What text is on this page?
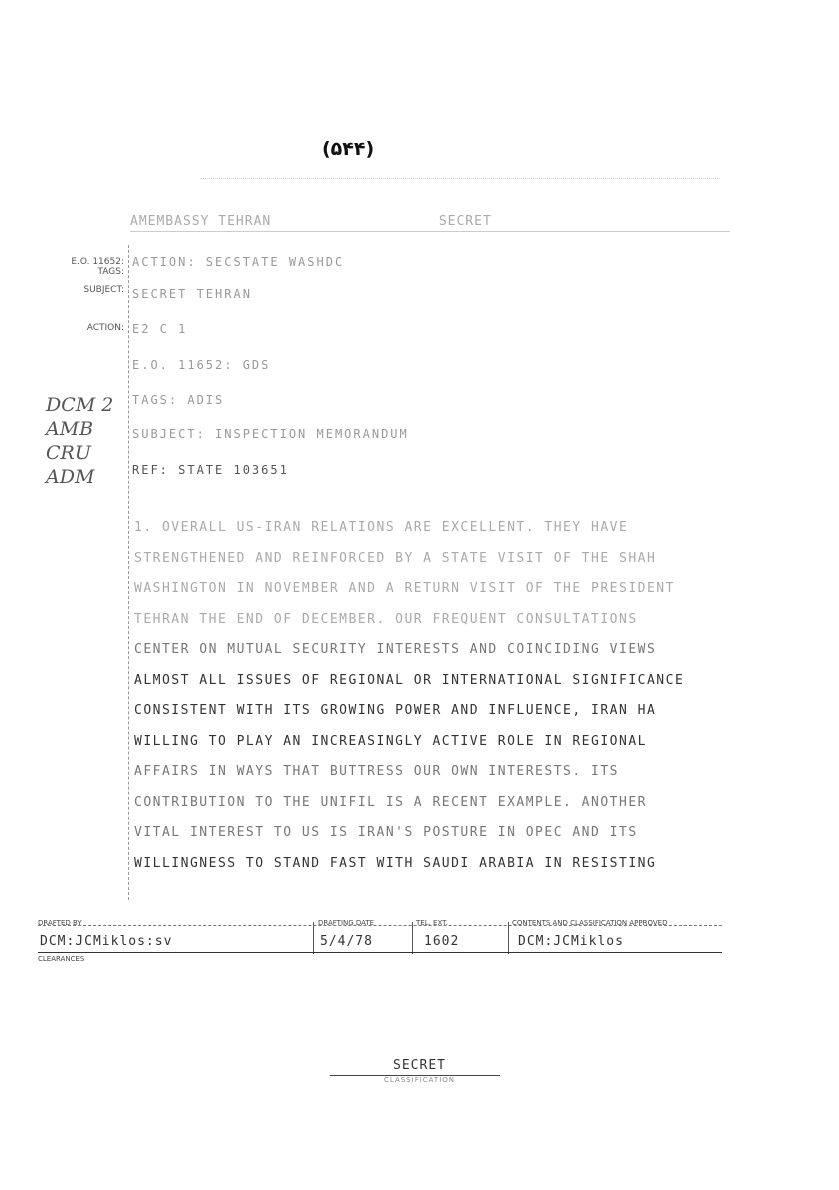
(۵۴۴)
AMEMBASSY TEHRAN	SECRET
E.O. 11652:
TAGS:
SUBJECT:
ACTION:
ACTION: SECSTATE WASHDC
SECRET TEHRAN
E2 C 1
E.O. 11652: GDS
TAGS: ADIS
SUBJECT: INSPECTION MEMORANDUM
REF: STATE 103651
DCM 2
AMB
CRU
ADM
1. OVERALL US-IRAN RELATIONS ARE EXCELLENT. THEY HAVE
STRENGTHENED AND REINFORCED BY A STATE VISIT OF THE SHAH
WASHINGTON IN NOVEMBER AND A RETURN VISIT OF THE PRESIDENT
TEHRAN THE END OF DECEMBER. OUR FREQUENT CONSULTATIONS
CENTER ON MUTUAL SECURITY INTERESTS AND COINCIDING VIEWS
ALMOST ALL ISSUES OF REGIONAL OR INTERNATIONAL SIGNIFICANCE
CONSISTENT WITH ITS GROWING POWER AND INFLUENCE, IRAN HA
WILLING TO PLAY AN INCREASINGLY ACTIVE ROLE IN REGIONAL
AFFAIRS IN WAYS THAT BUTTRESS OUR OWN INTERESTS. ITS
CONTRIBUTION TO THE UNIFIL IS A RECENT EXAMPLE. ANOTHER
VITAL INTEREST TO US IS IRAN'S POSTURE IN OPEC AND ITS
WILLINGNESS TO STAND FAST WITH SAUDI ARABIA IN RESISTING
DRAFTED BY	DRAFTING DATE	TEL. EXT.	CONTENTS AND CLASSIFICATION APPROVED
DCM:JCMiklos:sv	5/4/78	1602	DCM:JCMiklos
CLEARANCES
SECRET
CLASSIFICATION
